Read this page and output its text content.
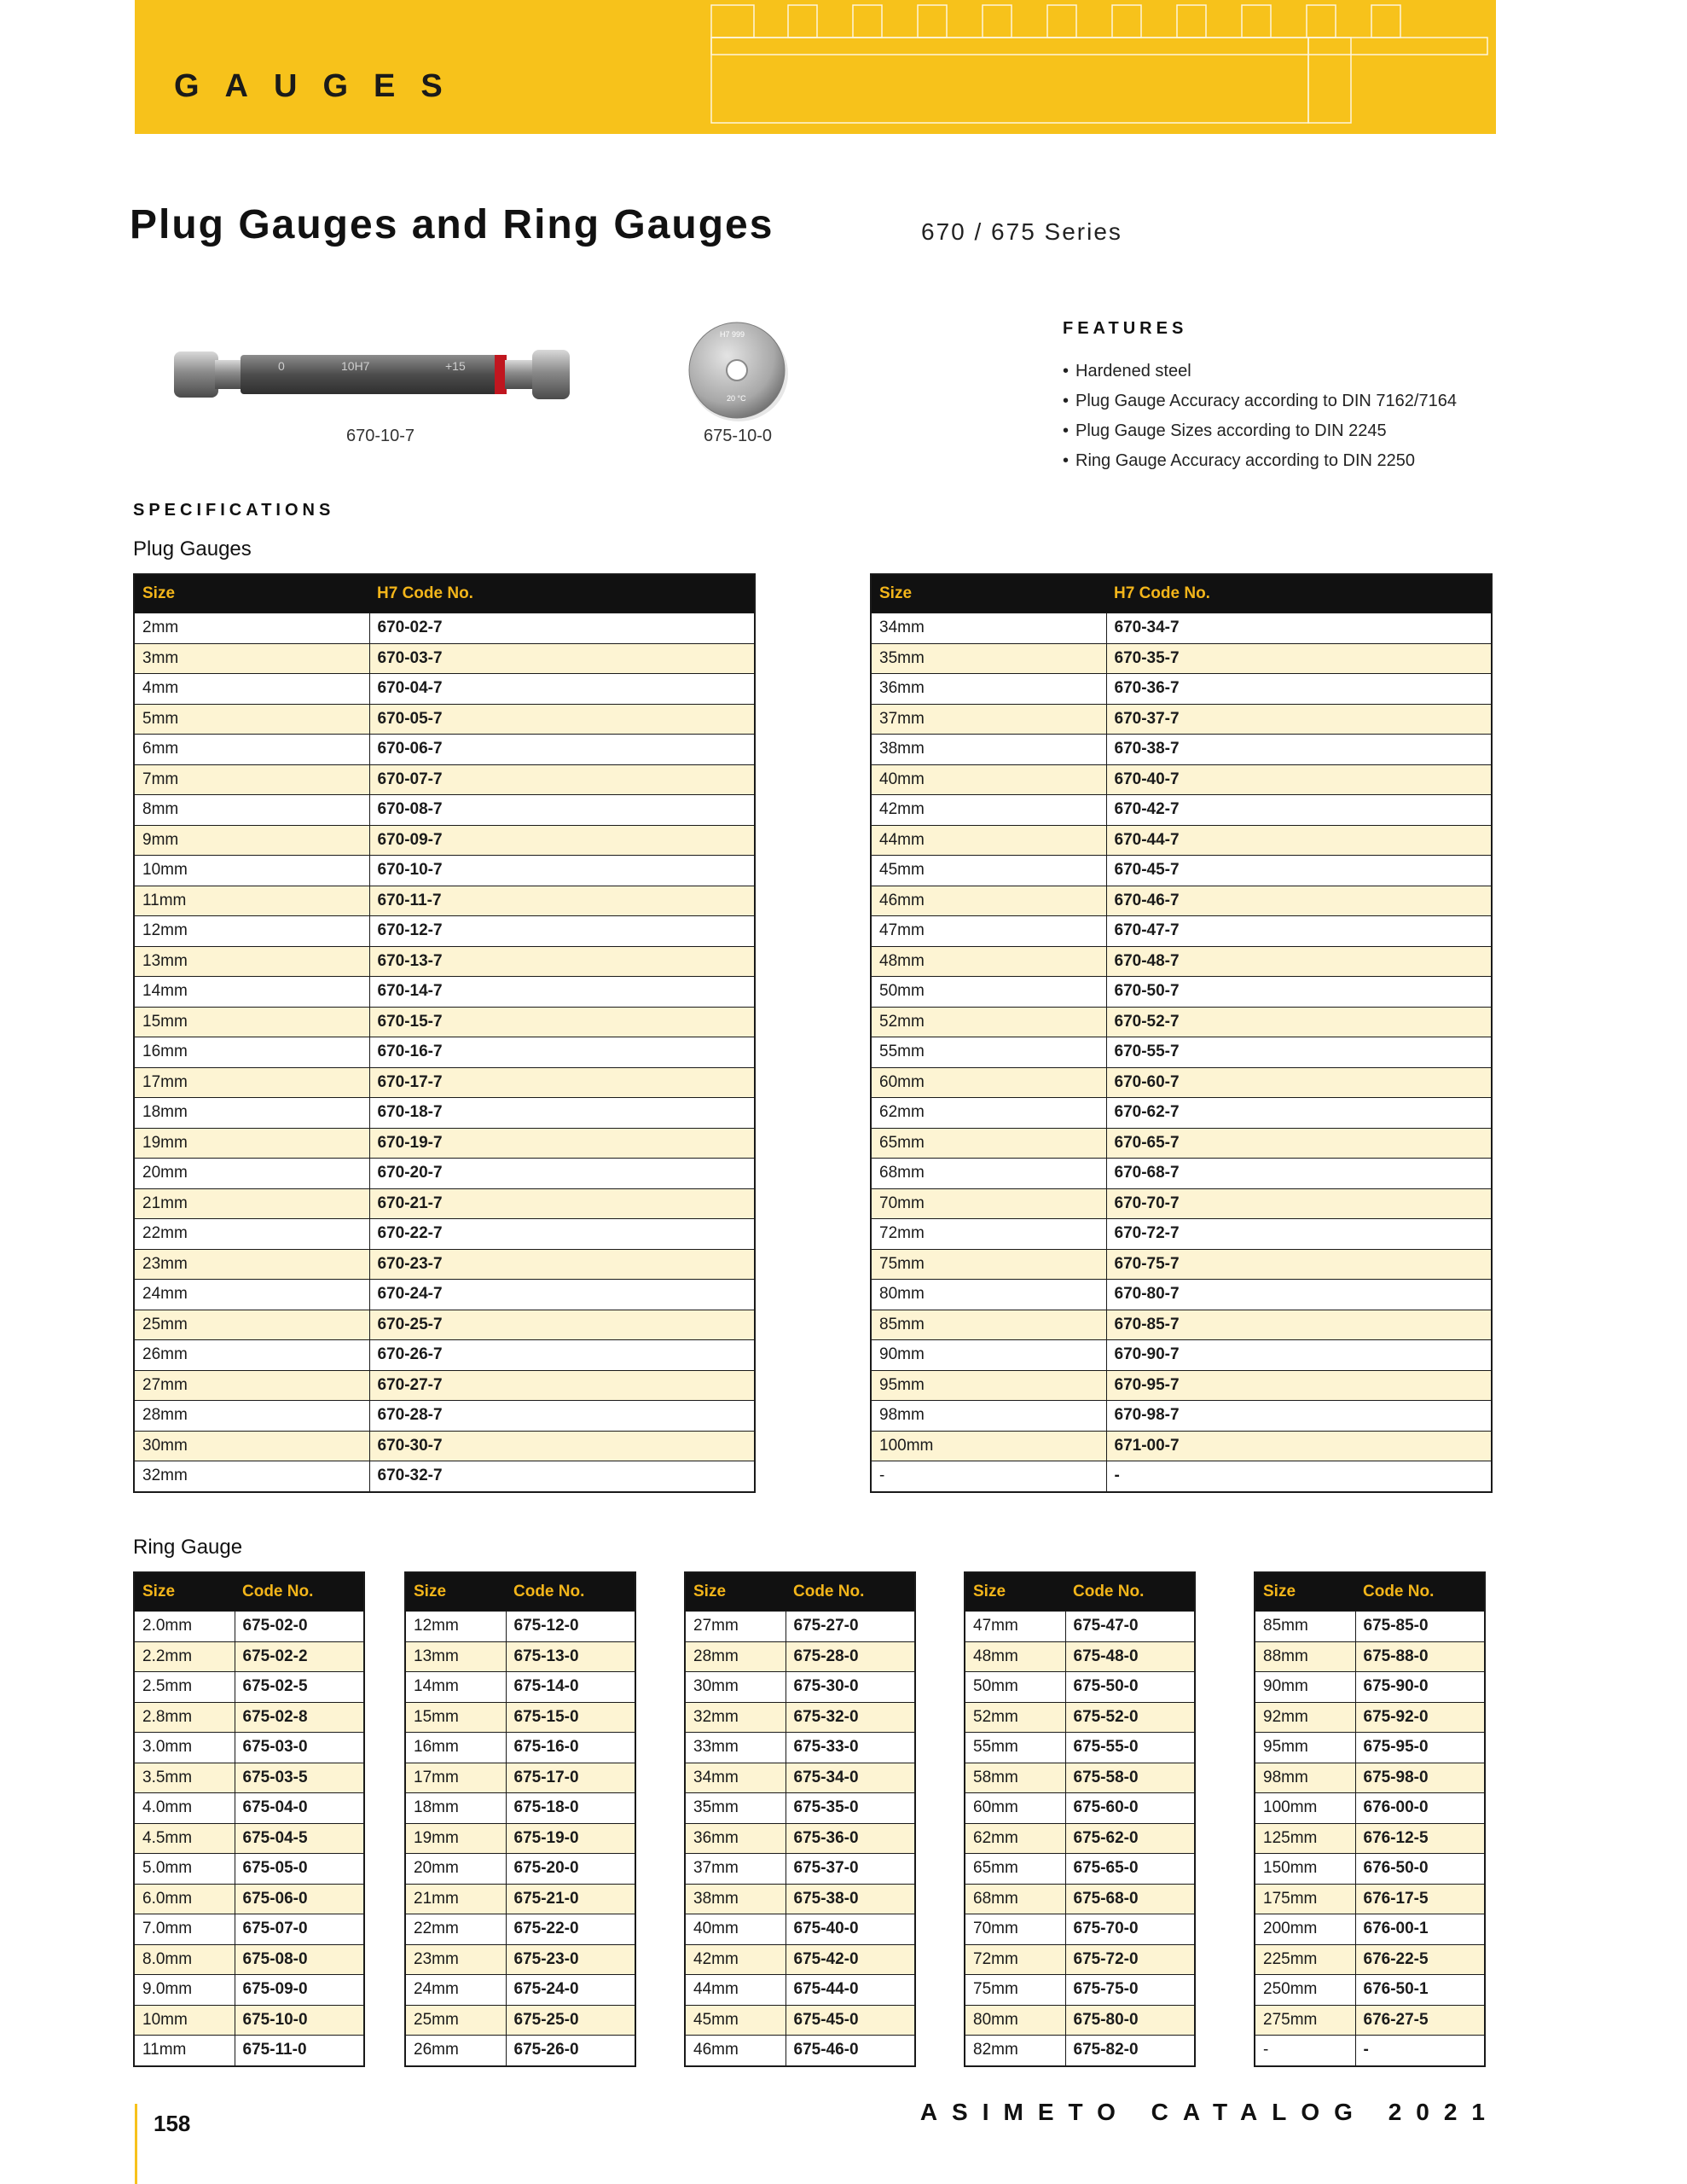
GAUGES
Plug Gauges and Ring Gauges	670 / 675 Series
0	10H7	+15
670-10-7
H7 999
20 °C
675-10-0
FEATURES
• Hardened steel
• Plug Gauge Accuracy according to DIN 7162/7164
• Plug Gauge Sizes according to DIN 2245
• Ring Gauge Accuracy according to DIN 2250
SPECIFICATIONS
Plug Gauges
Ring Gauge
Size	H7 Code No.
2mm	670-02-7
3mm	670-03-7
4mm	670-04-7
5mm	670-05-7
6mm	670-06-7
7mm	670-07-7
8mm	670-08-7
9mm	670-09-7
10mm	670-10-7
11mm	670-11-7
12mm	670-12-7
13mm	670-13-7
14mm	670-14-7
15mm	670-15-7
16mm	670-16-7
17mm	670-17-7
18mm	670-18-7
19mm	670-19-7
20mm	670-20-7
21mm	670-21-7
22mm	670-22-7
23mm	670-23-7
24mm	670-24-7
25mm	670-25-7
26mm	670-26-7
27mm	670-27-7
28mm	670-28-7
30mm	670-30-7
32mm	670-32-7
Size	H7 Code No.
34mm	670-34-7
35mm	670-35-7
36mm	670-36-7
37mm	670-37-7
38mm	670-38-7
40mm	670-40-7
42mm	670-42-7
44mm	670-44-7
45mm	670-45-7
46mm	670-46-7
47mm	670-47-7
48mm	670-48-7
50mm	670-50-7
52mm	670-52-7
55mm	670-55-7
60mm	670-60-7
62mm	670-62-7
65mm	670-65-7
68mm	670-68-7
70mm	670-70-7
72mm	670-72-7
75mm	670-75-7
80mm	670-80-7
85mm	670-85-7
90mm	670-90-7
95mm	670-95-7
98mm	670-98-7
100mm	671-00-7
-	-
Size	Code No.
2.0mm	675-02-0
2.2mm	675-02-2
2.5mm	675-02-5
2.8mm	675-02-8
3.0mm	675-03-0
3.5mm	675-03-5
4.0mm	675-04-0
4.5mm	675-04-5
5.0mm	675-05-0
6.0mm	675-06-0
7.0mm	675-07-0
8.0mm	675-08-0
9.0mm	675-09-0
10mm	675-10-0
11mm	675-11-0
Size	Code No.
12mm	675-12-0
13mm	675-13-0
14mm	675-14-0
15mm	675-15-0
16mm	675-16-0
17mm	675-17-0
18mm	675-18-0
19mm	675-19-0
20mm	675-20-0
21mm	675-21-0
22mm	675-22-0
23mm	675-23-0
24mm	675-24-0
25mm	675-25-0
26mm	675-26-0
Size	Code No.
27mm	675-27-0
28mm	675-28-0
30mm	675-30-0
32mm	675-32-0
33mm	675-33-0
34mm	675-34-0
35mm	675-35-0
36mm	675-36-0
37mm	675-37-0
38mm	675-38-0
40mm	675-40-0
42mm	675-42-0
44mm	675-44-0
45mm	675-45-0
46mm	675-46-0
Size	Code No.
47mm	675-47-0
48mm	675-48-0
50mm	675-50-0
52mm	675-52-0
55mm	675-55-0
58mm	675-58-0
60mm	675-60-0
62mm	675-62-0
65mm	675-65-0
68mm	675-68-0
70mm	675-70-0
72mm	675-72-0
75mm	675-75-0
80mm	675-80-0
82mm	675-82-0
Size	Code No.
85mm	675-85-0
88mm	675-88-0
90mm	675-90-0
92mm	675-92-0
95mm	675-95-0
98mm	675-98-0
100mm	676-00-0
125mm	676-12-5
150mm	676-50-0
175mm	676-17-5
200mm	676-00-1
225mm	676-22-5
250mm	676-50-1
275mm	676-27-5
-	-
158	ASIMETO CATALOG 2021
